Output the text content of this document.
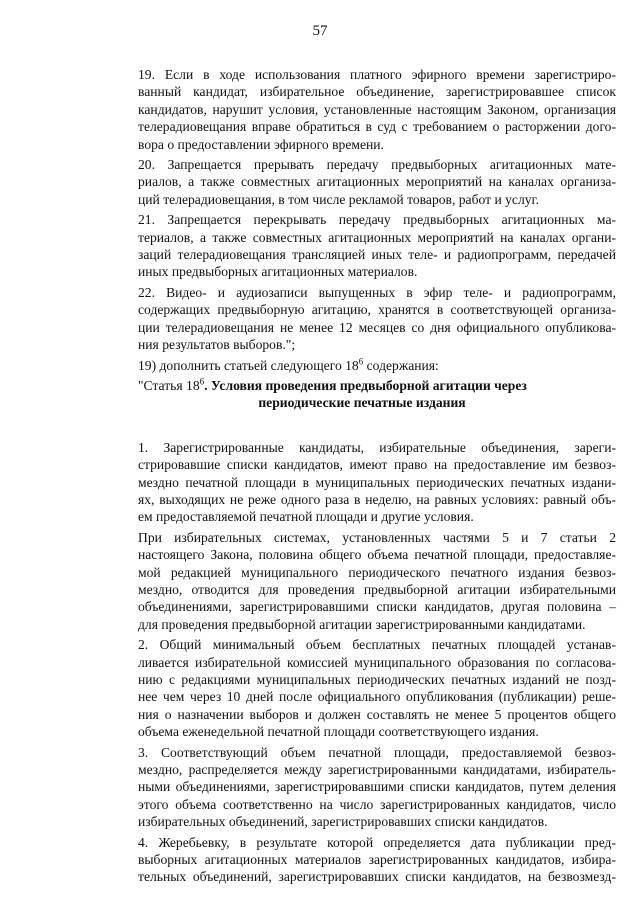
57
19. Если в ходе использования платного эфирного времени зарегистриро-
ванный кандидат, избирательное объединение, зарегистрировавшее список
кандидатов, нарушит условия, установленные настоящим Законом, организация
телерадиовещания вправе обратиться в суд с требованием о расторжении дого-
вора о предоставлении эфирного времени.
20. Запрещается прерывать передачу предвыборных агитационных мате-
риалов, а также совместных агитационных мероприятий на каналах организа-
ций телерадиовещания, в том числе рекламой товаров, работ и услуг.
21. Запрещается перекрывать передачу предвыборных агитационных ма-
териалов, а также совместных агитационных мероприятий на каналах органи-
заций телерадиовещания трансляцией иных теле- и радиопрограмм, передачей
иных предвыборных агитационных материалов.
22. Видео- и аудиозаписи выпущенных в эфир теле- и радиопрограмм,
содержащих предвыборную агитацию, хранятся в соответствующей организа-
ции телерадиовещания не менее 12 месяцев со дня официального опубликова-
ния результатов выборов.";
19) дополнить статьей следующего $18^6$ содержания:
"Статья $18^6$. Условия проведения предвыборной агитации через
периодические печатные издания
1. Зарегистрированные кандидаты, избирательные объединения, зареги-
стрировавшие списки кандидатов, имеют право на предоставление им безвоз-
мездно печатной площади в муниципальных периодических печатных издани-
ях, выходящих не реже одного раза в неделю, на равных условиях: равный объ-
ем предоставляемой печатной площади и другие условия.
При избирательных системах, установленных частями 5 и 7 статьи 2
настоящего Закона, половина общего объема печатной площади, предоставляе-
мой редакцией муниципального периодического печатного издания безвоз-
мездно, отводится для проведения предвыборной агитации избирательными
объединениями, зарегистрировавшими списки кандидатов, другая половина –
для проведения предвыборной агитации зарегистрированными кандидатами.
2. Общий минимальный объем бесплатных печатных площадей устанав-
ливается избирательной комиссией муниципального образования по согласова-
нию с редакциями муниципальных периодических печатных изданий не позд-
нее чем через 10 дней после официального опубликования (публикации) реше-
ния о назначении выборов и должен составлять не менее 5 процентов общего
объема еженедельной печатной площади соответствующего издания.
3. Соответствующий объем печатной площади, предоставляемой безвоз-
мездно, распределяется между зарегистрированными кандидатами, избиратель-
ными объединениями, зарегистрировавшими списки кандидатов, путем деления
этого объема соответственно на число зарегистрированных кандидатов, число
избирательных объединений, зарегистрировавших списки кандидатов.
4. Жеребьевку, в результате которой определяется дата публикации пред-
выборных агитационных материалов зарегистрированных кандидатов, избира-
тельных объединений, зарегистрировавших списки кандидатов, на безвозмезд-
